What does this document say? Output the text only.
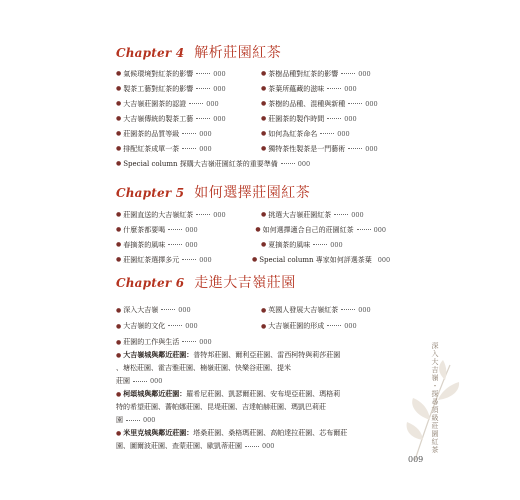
Chapter 4 解析莊園紅茶
● 氣候環境對紅茶的影響	000	● 茶樹品種對紅茶的影響	000
● 製茶工藝對紅茶的影響	000	● 茶葉所蘊藏的滋味	000
● 大吉嶺莊園茶的認證	000	● 茶樹的品種、混種與新種	000
● 大吉嶺傳統的製茶工藝	000	● 莊園茶的製作時間	000
● 莊園茶的品質等級	000	● 如何為紅茶命名	000
● 排配紅茶成單一茶	000	● 獨特茶性製茶是一門藝術	000
● Special column 探購大吉嶺莊園紅茶的重要準備	000
Chapter 5 如何選擇莊園紅茶
● 莊園直送的大吉嶺紅茶	000	● 挑選大吉嶺莊園紅茶	000
● 什麼茶都要喝	000	● 如何選擇適合自己的莊園紅茶	000
● 春摘茶的風味	000	● 夏摘茶的風味	000
● 莊園紅茶選擇多元	000	● Special column 專家如何評選茶葉 000
Chapter 6 走進大吉嶺莊園
● 深入大吉嶺	000	● 英國人發展大吉嶺紅茶	000
● 大吉嶺的文化	000	● 大吉嶺莊園的形成	000
● 莊園的工作與生活	000
● 大吉嶺城與鄰近莊園：普特邦莊園、爾利亞莊園、雷西柯特與莉莎莊園
、塘松莊園、霍吉雅莊園、楠嶺莊園、快樂谷莊園、提米
莊園	000
● 柯頌城與鄰近莊園：羅希尼莊園、凱瑟爾莊園、安布堤亞莊園、瑪格莉
特的希望莊園、薔帕娜莊園、昆堤莊園、吉達帕赫莊園、瑪凱巴莉莊
園	000
● 米里克城與鄰近莊園：塔桑莊園、桑格瑪莊園、高帕達拉莊園、芯布爾莊
園、圖爾波莊園、查蒙莊園、歐凱蒂莊園	000	深入大吉嶺・探尋頂級莊園紅茶
009
